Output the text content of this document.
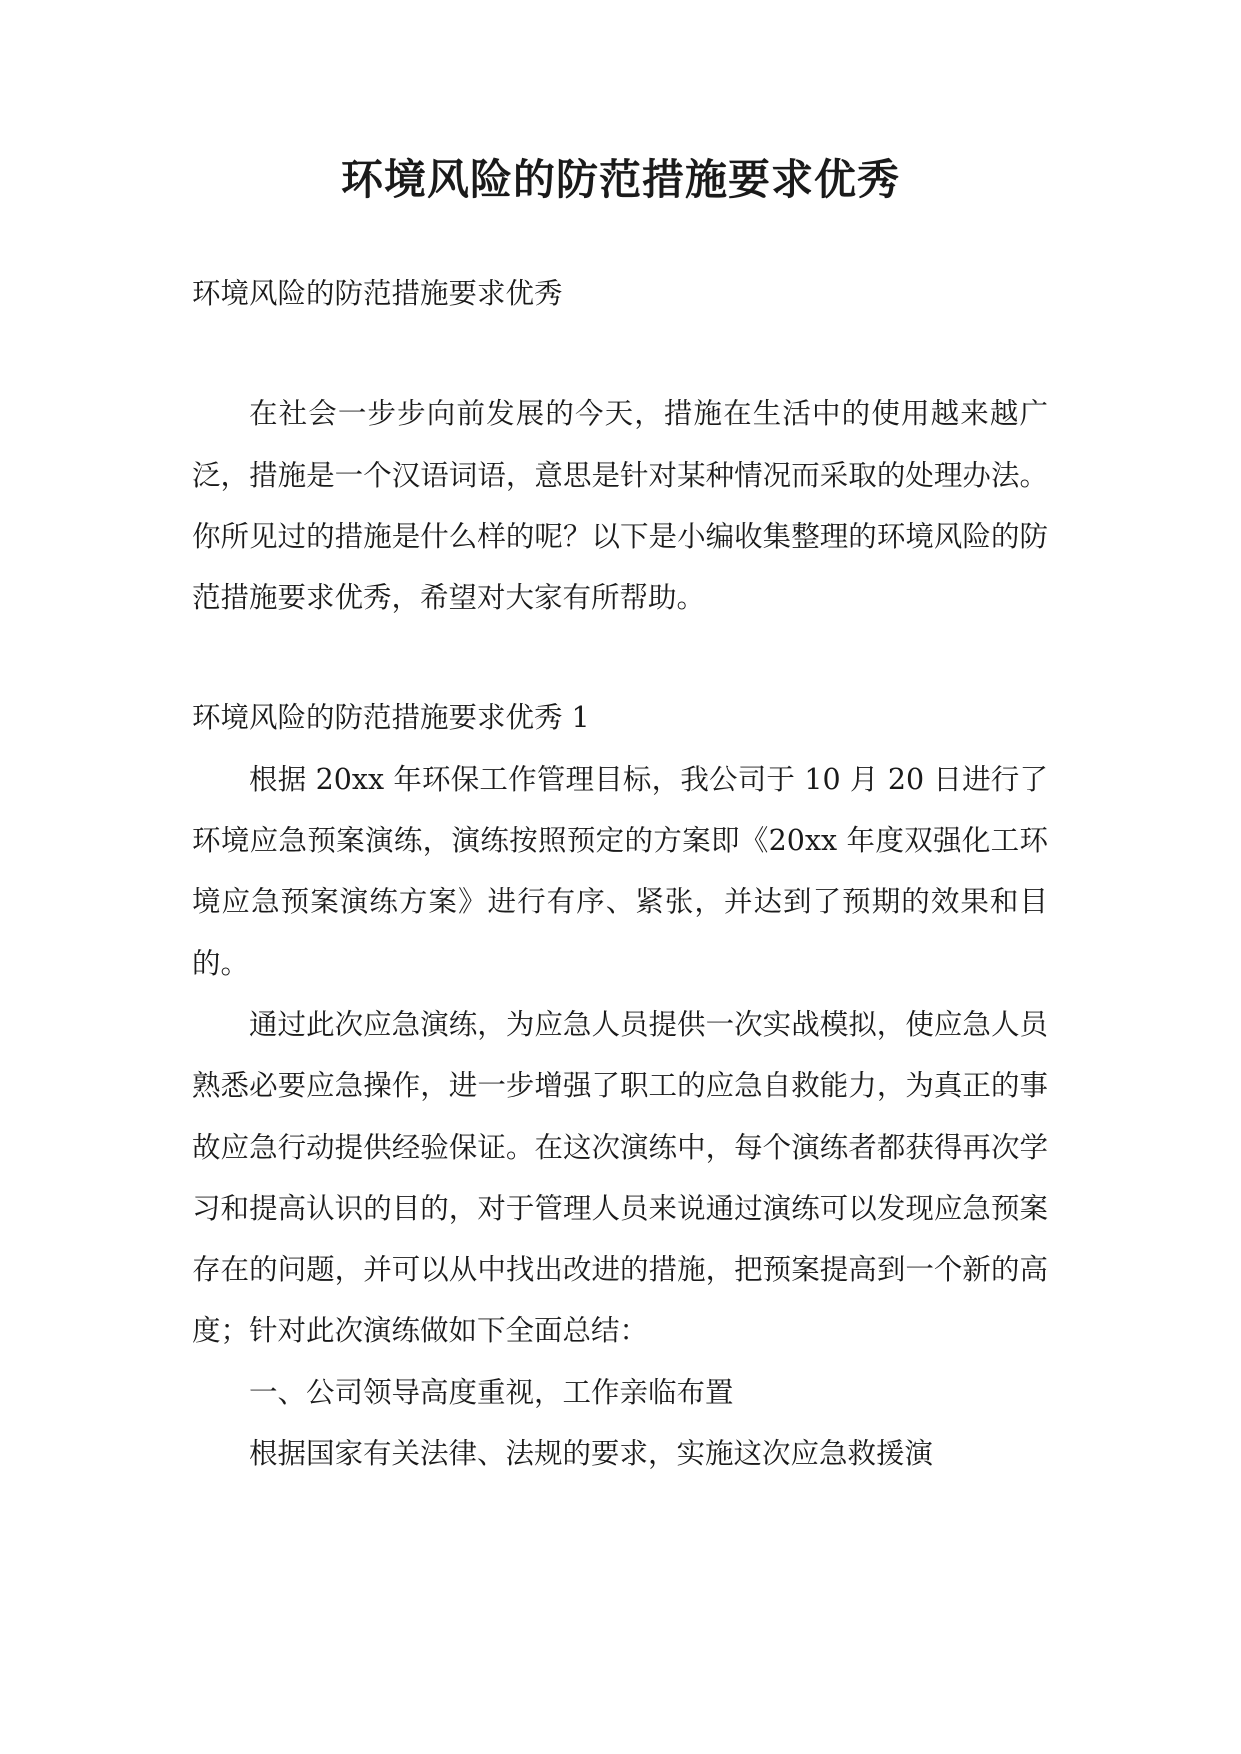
环境风险的防范措施要求优秀

环境风险的防范措施要求优秀

在社会一步步向前发展的今天，措施在生活中的使用越来越广泛，措施是一个汉语词语，意思是针对某种情况而采取的处理办法。你所见过的措施是什么样的呢？以下是小编收集整理的环境风险的防范措施要求优秀，希望对大家有所帮助。

环境风险的防范措施要求优秀 1

根据 20xx 年环保工作管理目标，我公司于 10 月 20 日进行了环境应急预案演练，演练按照预定的方案即《20xx 年度双强化工环境应急预案演练方案》进行有序、紧张，并达到了预期的效果和目的。

通过此次应急演练，为应急人员提供一次实战模拟，使应急人员熟悉必要应急操作，进一步增强了职工的应急自救能力，为真正的事故应急行动提供经验保证。在这次演练中，每个演练者都获得再次学习和提高认识的目的，对于管理人员来说通过演练可以发现应急预案存在的问题，并可以从中找出改进的措施，把预案提高到一个新的高度；针对此次演练做如下全面总结：

一、公司领导高度重视，工作亲临布置

根据国家有关法律、法规的要求，实施这次应急救援演
